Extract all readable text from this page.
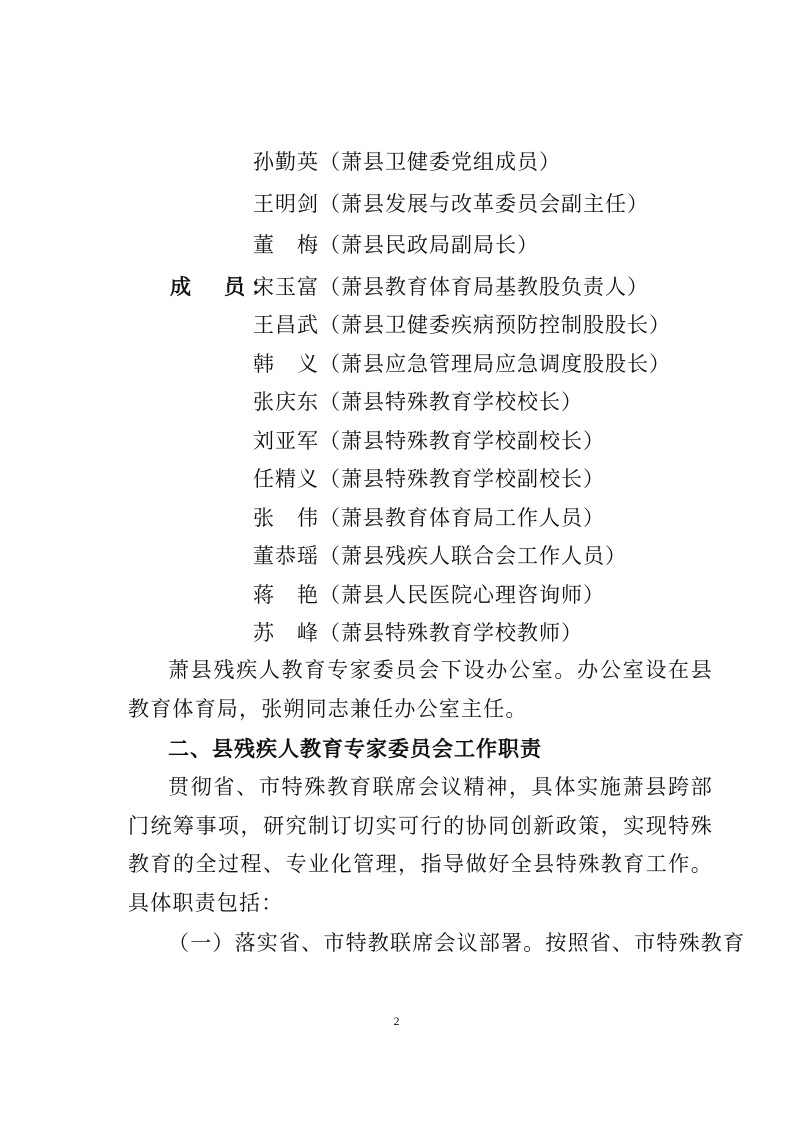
孙勤英（萧县卫健委党组成员）
王明剑（萧县发展与改革委员会副主任）
董　梅（萧县民政局副局长）
成　员：
宋玉富（萧县教育体育局基教股负责人）
王昌武（萧县卫健委疾病预防控制股股长）
韩　义（萧县应急管理局应急调度股股长）
张庆东（萧县特殊教育学校校长）
刘亚军（萧县特殊教育学校副校长）
任精义（萧县特殊教育学校副校长）
张　伟（萧县教育体育局工作人员）
董恭瑶（萧县残疾人联合会工作人员）
蒋　艳（萧县人民医院心理咨询师）
苏　峰（萧县特殊教育学校教师）
萧县残疾人教育专家委员会下设办公室。办公室设在县教育体育局，张朔同志兼任办公室主任。
二、县残疾人教育专家委员会工作职责
贯彻省、市特殊教育联席会议精神，具体实施萧县跨部门统筹事项，研究制订切实可行的协同创新政策，实现特殊教育的全过程、专业化管理，指导做好全县特殊教育工作。具体职责包括：
（一）落实省、市特教联席会议部署。按照省、市特殊教育
2
